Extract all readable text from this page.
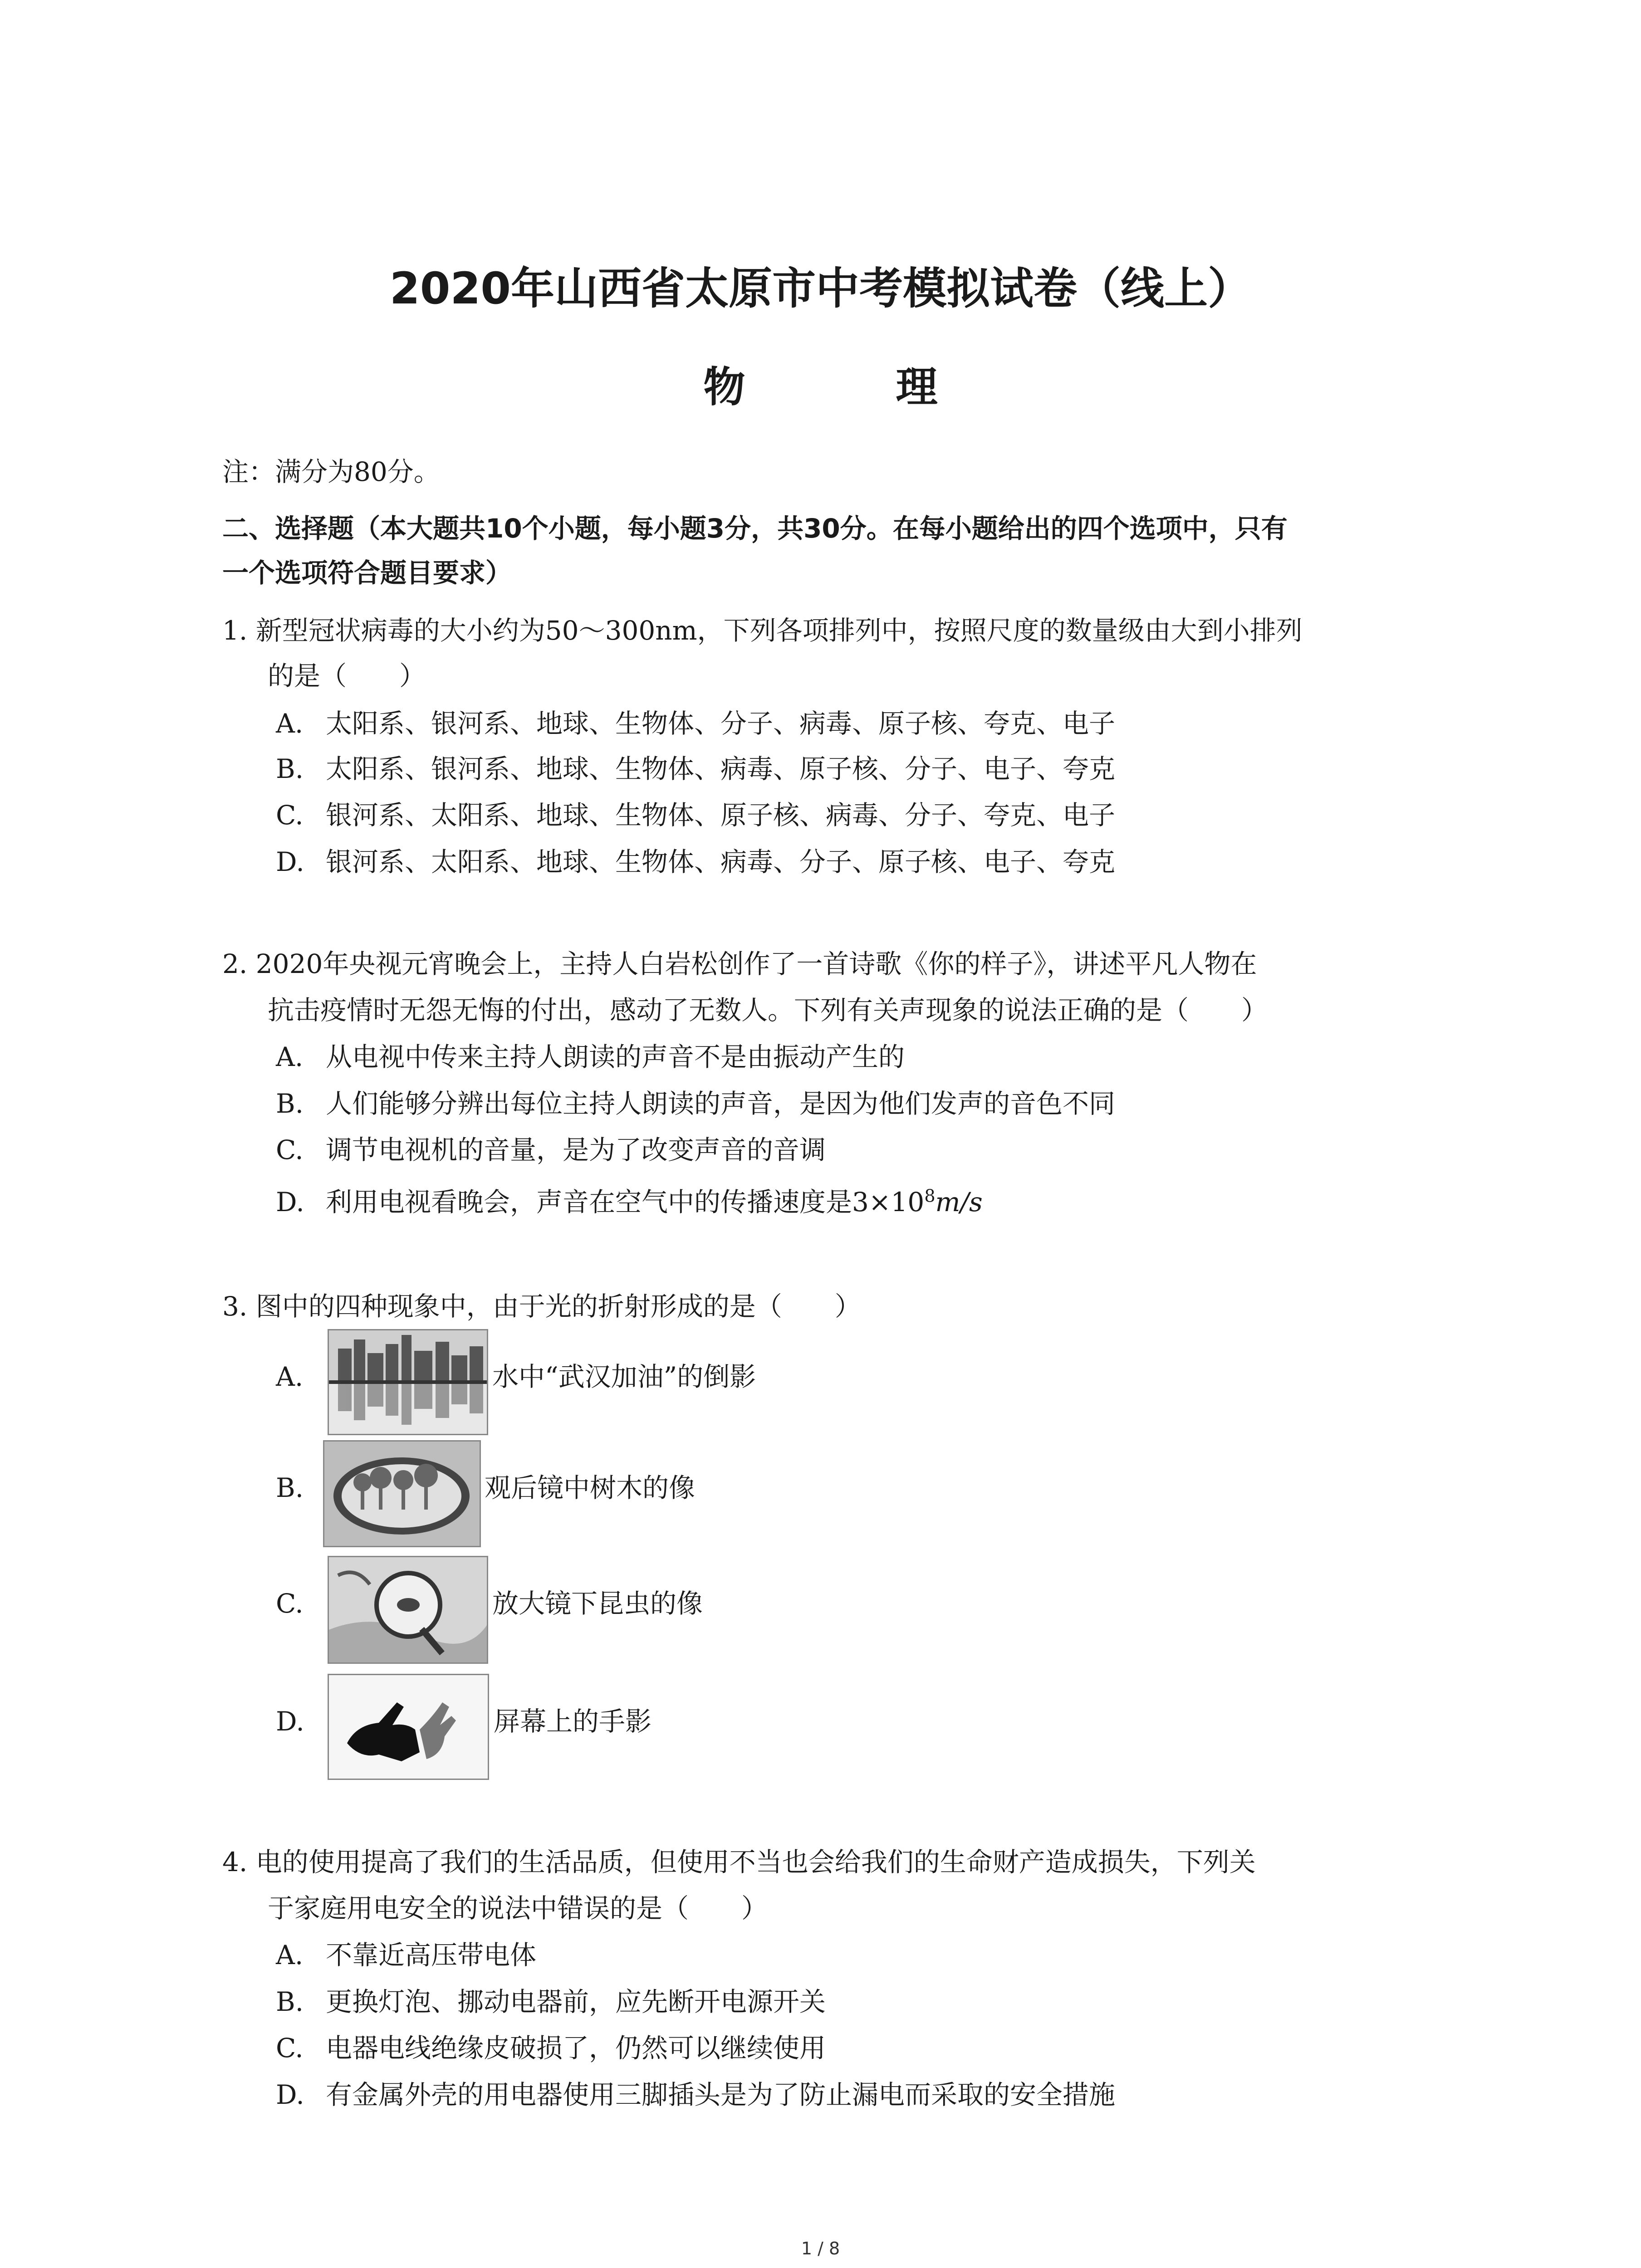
2020年山西省太原市中考模拟试卷（线上）
物 理
注：满分为80分。
二、选择题（本大题共10个小题，每小题3分，共30分。在每小题给出的四个选项中，只有
一个选项符合题目要求）
1. 新型冠状病毒的大小约为50～300nm，下列各项排列中，按照尺度的数量级由大到小排列
的是（　　）
A. 太阳系、银河系、地球、生物体、分子、病毒、原子核、夸克、电子
B. 太阳系、银河系、地球、生物体、病毒、原子核、分子、电子、夸克
C. 银河系、太阳系、地球、生物体、原子核、病毒、分子、夸克、电子
D. 银河系、太阳系、地球、生物体、病毒、分子、原子核、电子、夸克
2. 2020年央视元宵晚会上，主持人白岩松创作了一首诗歌《你的样子》，讲述平凡人物在
抗击疫情时无怨无悔的付出，感动了无数人。下列有关声现象的说法正确的是（　　）
A. 从电视中传来主持人朗读的声音不是由振动产生的
B. 人们能够分辨出每位主持人朗读的声音，是因为他们发声的音色不同
C. 调节电视机的音量，是为了改变声音的音调
D. 利用电视看晚会，声音在空气中的传播速度是$3\times 10^8m/s$
3. 图中的四种现象中，由于光的折射形成的是（　　）
A.	水中“武汉加油”的倒影
B.	观后镜中树木的像
C.	放大镜下昆虫的像
D.	屏幕上的手影
4. 电的使用提高了我们的生活品质，但使用不当也会给我们的生命财产造成损失，下列关
于家庭用电安全的说法中错误的是（　　）
A. 不靠近高压带电体
B. 更换灯泡、挪动电器前，应先断开电源开关
C. 电器电线绝缘皮破损了，仍然可以继续使用
D. 有金属外壳的用电器使用三脚插头是为了防止漏电而采取的安全措施
1 / 8
